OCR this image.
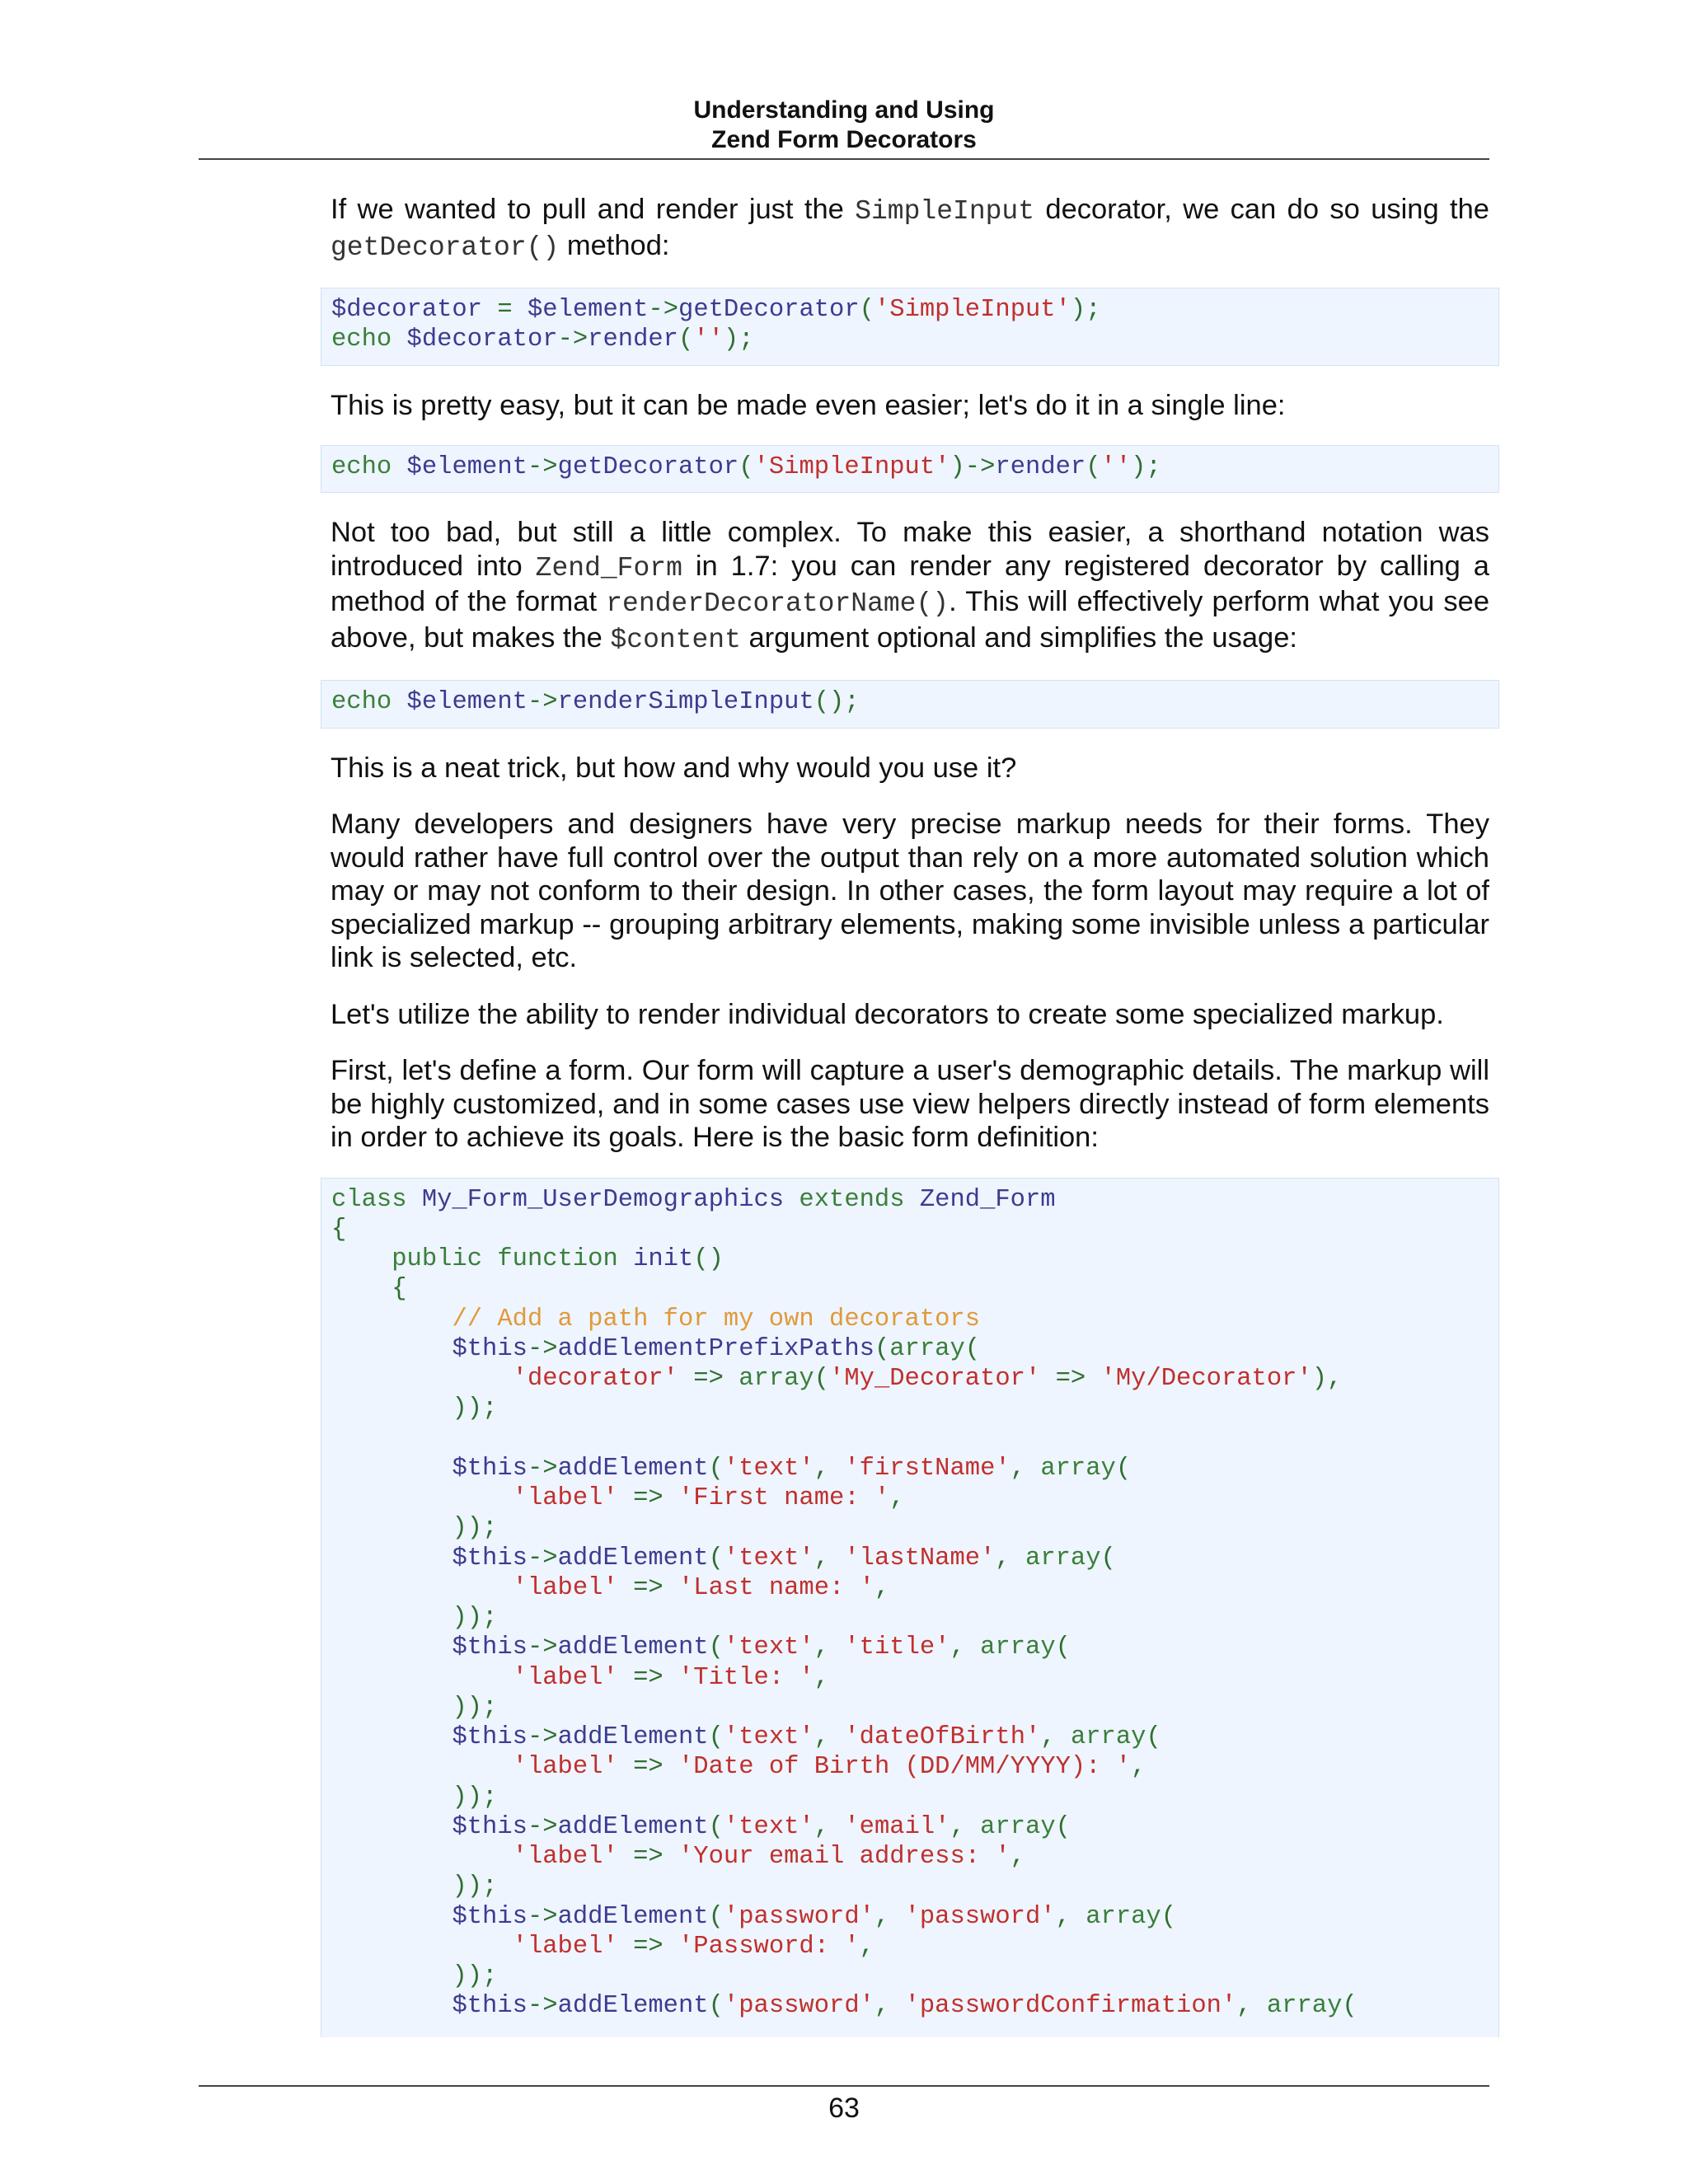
Understanding and Using
Zend Form Decorators

If we wanted to pull and render just the SimpleInput decorator, we can do so using the getDecorator() method:

$decorator = $element->getDecorator('SimpleInput');
echo $decorator->render('');

This is pretty easy, but it can be made even easier; let's do it in a single line:

echo $element->getDecorator('SimpleInput')->render('');

Not too bad, but still a little complex. To make this easier, a shorthand notation was introduced into Zend_Form in 1.7: you can render any registered decorator by calling a method of the format renderDecoratorName(). This will effectively perform what you see above, but makes the $content argument optional and simplifies the usage:

echo $element->renderSimpleInput();

This is a neat trick, but how and why would you use it?

Many developers and designers have very precise markup needs for their forms. They would rather have full control over the output than rely on a more automated solution which may or may not conform to their design. In other cases, the form layout may require a lot of specialized markup -- grouping arbitrary elements, making some invisible unless a particular link is selected, etc.

Let's utilize the ability to render individual decorators to create some specialized markup.

First, let's define a form. Our form will capture a user's demographic details. The markup will be highly customized, and in some cases use view helpers directly instead of form elements in order to achieve its goals. Here is the basic form definition:

class My_Form_UserDemographics extends Zend_Form
{
public function init()
{
// Add a path for my own decorators
$this->addElementPrefixPaths(array(
'decorator' => array('My_Decorator' => 'My/Decorator'),
));

$this->addElement('text', 'firstName', array(
'label' => 'First name: ',
));
$this->addElement('text', 'lastName', array(
'label' => 'Last name: ',
));
$this->addElement('text', 'title', array(
'label' => 'Title: ',
));
$this->addElement('text', 'dateOfBirth', array(
'label' => 'Date of Birth (DD/MM/YYYY): ',
));
$this->addElement('text', 'email', array(
'label' => 'Your email address: ',
));
$this->addElement('password', 'password', array(
'label' => 'Password: ',
));
$this->addElement('password', 'passwordConfirmation', array(
63
